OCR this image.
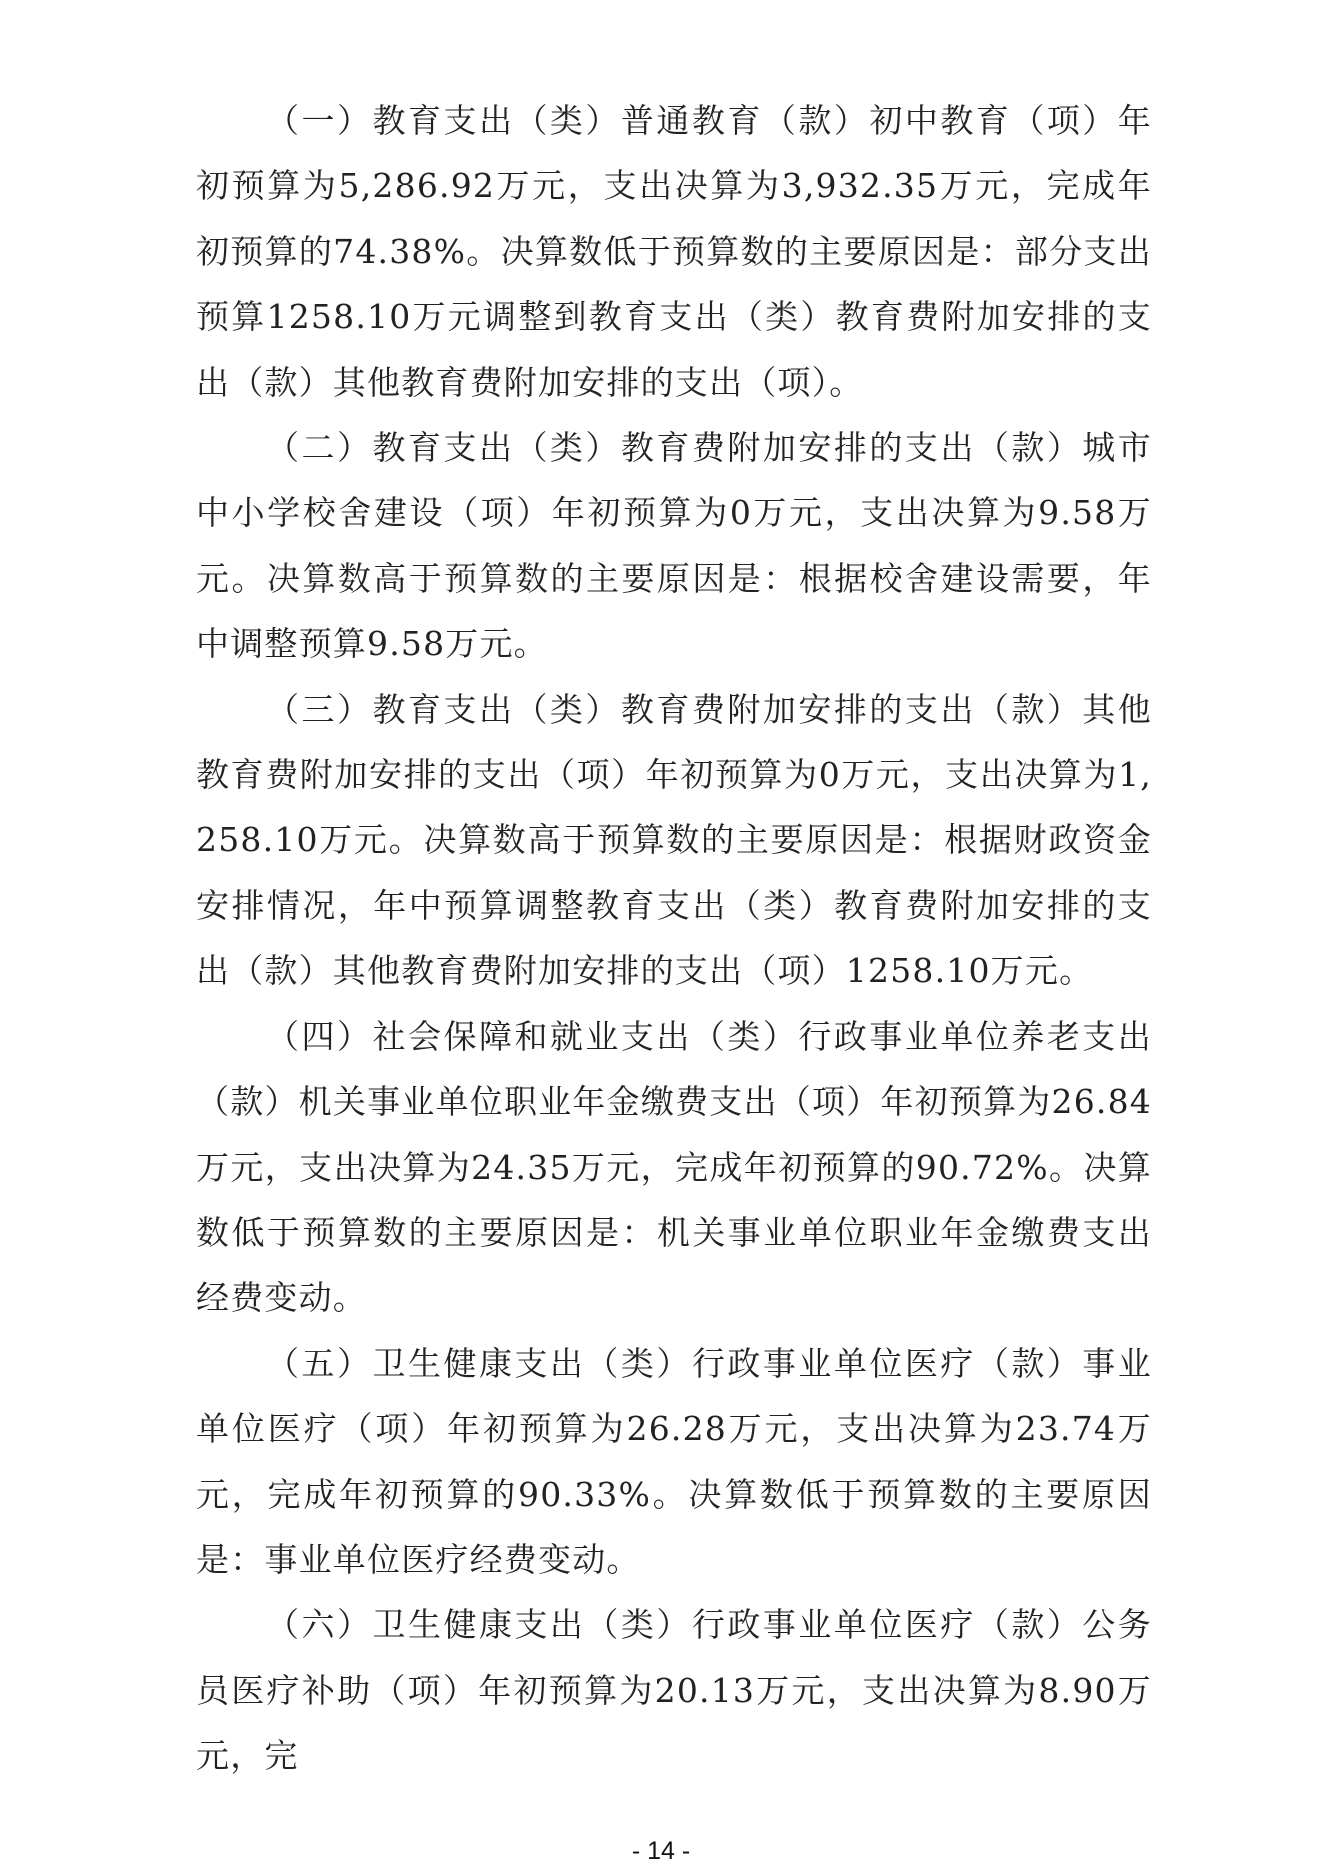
（一）教育支出（类）普通教育（款）初中教育（项）年初预算为5,286.92万元，支出决算为3,932.35万元，完成年初预算的74.38%。决算数低于预算数的主要原因是：部分支出预算1258.10万元调整到教育支出（类）教育费附加安排的支出（款）其他教育费附加安排的支出（项）。

（二）教育支出（类）教育费附加安排的支出（款）城市中小学校舍建设（项）年初预算为0万元，支出决算为9.58万元。决算数高于预算数的主要原因是：根据校舍建设需要，年中调整预算9.58万元。

（三）教育支出（类）教育费附加安排的支出（款）其他教育费附加安排的支出（项）年初预算为0万元，支出决算为1,258.10万元。决算数高于预算数的主要原因是：根据财政资金安排情况，年中预算调整教育支出（类）教育费附加安排的支出（款）其他教育费附加安排的支出（项）1258.10万元。

（四）社会保障和就业支出（类）行政事业单位养老支出（款）机关事业单位职业年金缴费支出（项）年初预算为26.84万元，支出决算为24.35万元，完成年初预算的90.72%。决算数低于预算数的主要原因是：机关事业单位职业年金缴费支出经费变动。

（五）卫生健康支出（类）行政事业单位医疗（款）事业单位医疗（项）年初预算为26.28万元，支出决算为23.74万元，完成年初预算的90.33%。决算数低于预算数的主要原因是：事业单位医疗经费变动。

（六）卫生健康支出（类）行政事业单位医疗（款）公务员医疗补助（项）年初预算为20.13万元，支出决算为8.90万元，完

- 14 -
